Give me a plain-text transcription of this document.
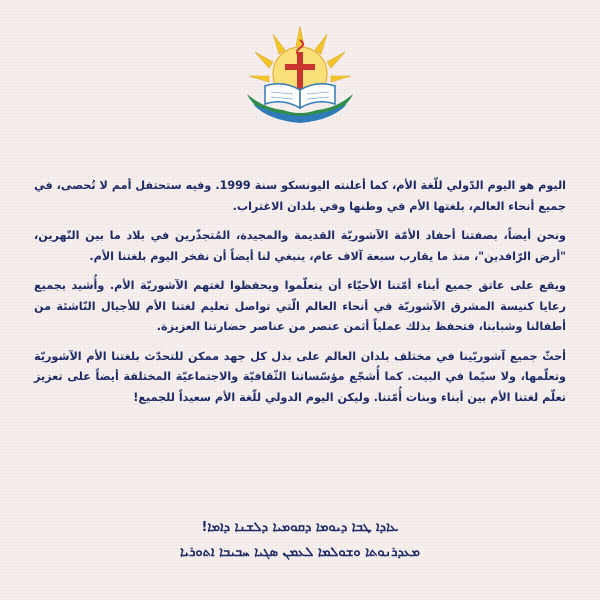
اليوم هو اليوم الدّولي للّغة الأم، كما أعلنته اليونسكو سنة 1999. وفيه ستحتفل أمم لا تُحصى، في جميع أنحاء العالم، بلغتها الأم في وطنها وفي بلدان الاغتراب.

ونحن أيضاً، بصفتنا أحفاد الأمّة الآشوريّة القديمة والمجيدة، المُتجذّرين في بلاد ما بين النّهرين، "أرض الرّافدين"، منذ ما يقارب سبعة آلاف عام، ينبغي لنا أيضاً أن نفخر اليوم بلغتنا الأم.

ويقع على عاتق جميع أبناء أمّتنا الأحيّاء أن يتعلّموا ويحفظوا لغتهم الآشوريّة الأم. وأُشيد بجميع رعايا كنيسة المشرق الآشوريّة في أنحاء العالم الّتي تواصل تعليم لغتنا الأم للأجيال النّاشئة من أطفالنا وشبابنا، فتحفظ بذلك عملياً أثمن عنصر من عناصر حضارتنا العزيزة.

أحثّ جميع آشوريّينا في مختلف بلدان العالم على بذل كل جهد ممكن للتحدّث بلغتنا الأم الآشوريّة وتعلّمها، ولا سيّما في البيت. كما أُشجّع مؤسّساتنا الثّقافيّة والاجتماعيّة المختلفة أيضاً على تعزيز تعلّم لغتنا الأم بين أبناء وبنات أُمّتنا. وليكن اليوم الدولي للّغة الأم سعيداً للجميع!

ܥܐܕܐ ܛܒܐ ܕܝܘܡܐ ܕܩܘܡܝܐ ܕܠܫܢܐ ܕܐܡܐ!
ܡܥܕܪܢܘܬܐ ܘܫܘܠܡܐ ܠܥܡܢ ܣܓܝܐ ܚܒܝܒܐ ܐܬܘܪܝܐ
